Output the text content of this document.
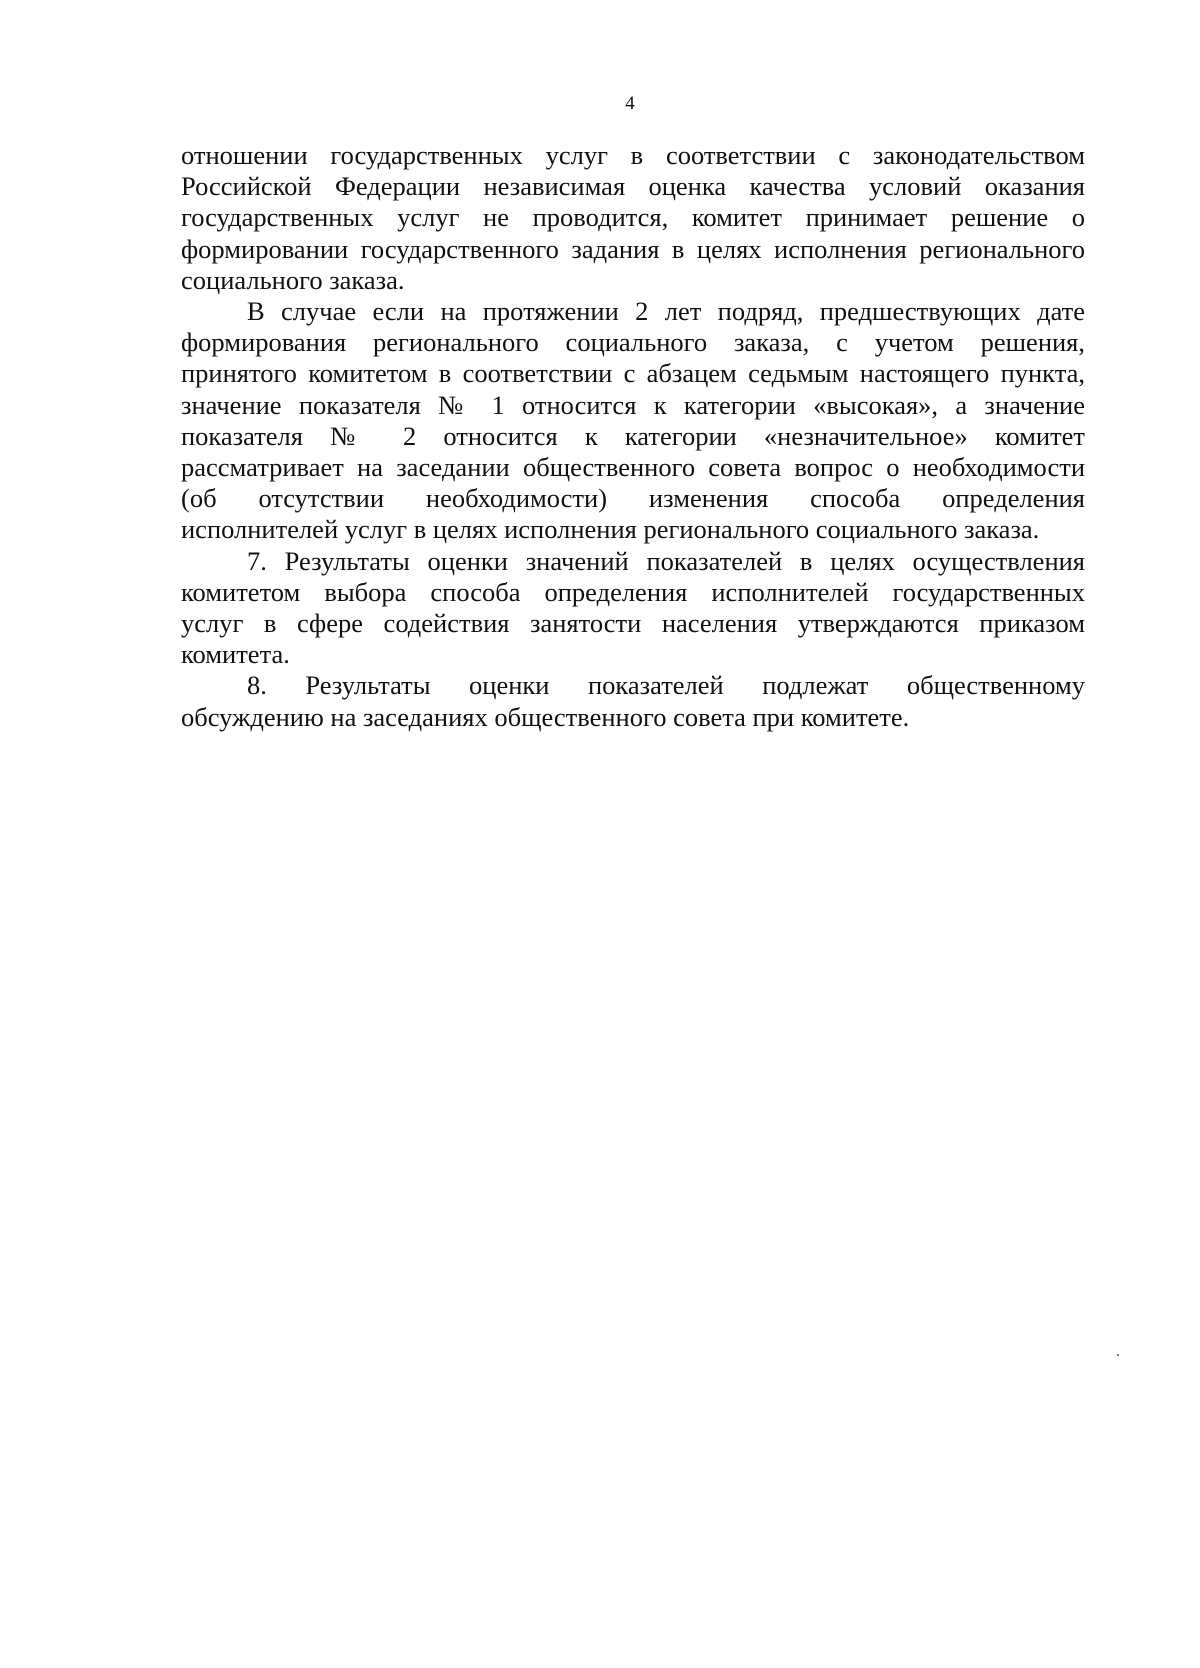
4

отношении государственных услуг в соответствии с законодательством
Российской Федерации независимая оценка качества условий оказания
государственных услуг не проводится, комитет принимает решение о
формировании государственного задания в целях исполнения регионального
социального заказа.

В случае если на протяжении 2 лет подряд, предшествующих дате
формирования регионального социального заказа, с учетом решения,
принятого комитетом в соответствии с абзацем седьмым настоящего пункта,
значение показателя № 1 относится к категории «высокая», а значение
показателя № 2 относится к категории «незначительное» комитет
рассматривает на заседании общественного совета вопрос о необходимости
(об отсутствии необходимости) изменения способа определения
исполнителей услуг в целях исполнения регионального социального заказа.

7. Результаты оценки значений показателей в целях осуществления
комитетом выбора способа определения исполнителей государственных
услуг в сфере содействия занятости населения утверждаются приказом
комитета.

8. Результаты оценки показателей подлежат общественному
обсуждению на заседаниях общественного совета при комитете.
